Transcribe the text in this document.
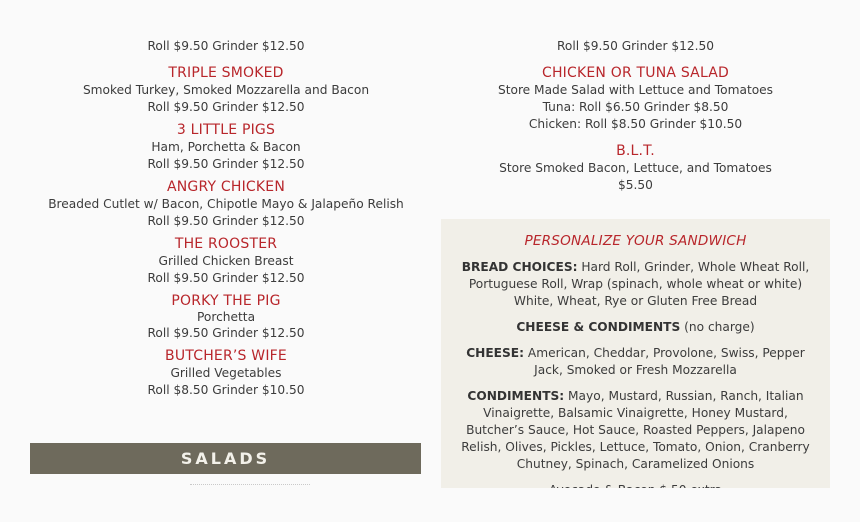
Roll $9.50 Grinder $12.50
TRIPLE SMOKED
Smoked Turkey, Smoked Mozzarella and Bacon
Roll $9.50 Grinder $12.50
3 LITTLE PIGS
Ham, Porchetta & Bacon
Roll $9.50 Grinder $12.50
ANGRY CHICKEN
Breaded Cutlet w/ Bacon, Chipotle Mayo & Jalapeño Relish
Roll $9.50 Grinder $12.50
THE ROOSTER
Grilled Chicken Breast
Roll $9.50 Grinder $12.50
PORKY THE PIG
Porchetta
Roll $9.50 Grinder $12.50
BUTCHER’S WIFE
Grilled Vegetables
Roll $8.50 Grinder $10.50
SALADS
Roll $9.50 Grinder $12.50
CHICKEN OR TUNA SALAD
Store Made Salad with Lettuce and Tomatoes
Tuna: Roll $6.50 Grinder $8.50
Chicken: Roll $8.50 Grinder $10.50
B.L.T.
Store Smoked Bacon, Lettuce, and Tomatoes
$5.50
PERSONALIZE YOUR SANDWICH

BREAD CHOICES: Hard Roll, Grinder, Whole Wheat Roll, Portuguese Roll, Wrap (spinach, whole wheat or white) White, Wheat, Rye or Gluten Free Bread

CHEESE & CONDIMENTS (no charge)

CHEESE: American, Cheddar, Provolone, Swiss, Pepper Jack, Smoked or Fresh Mozzarella

CONDIMENTS: Mayo, Mustard, Russian, Ranch, Italian Vinaigrette, Balsamic Vinaigrette, Honey Mustard, Butcher’s Sauce, Hot Sauce, Roasted Peppers, Jalapeno Relish, Olives, Pickles, Lettuce, Tomato, Onion, Cranberry Chutney, Spinach, Caramelized Onions
